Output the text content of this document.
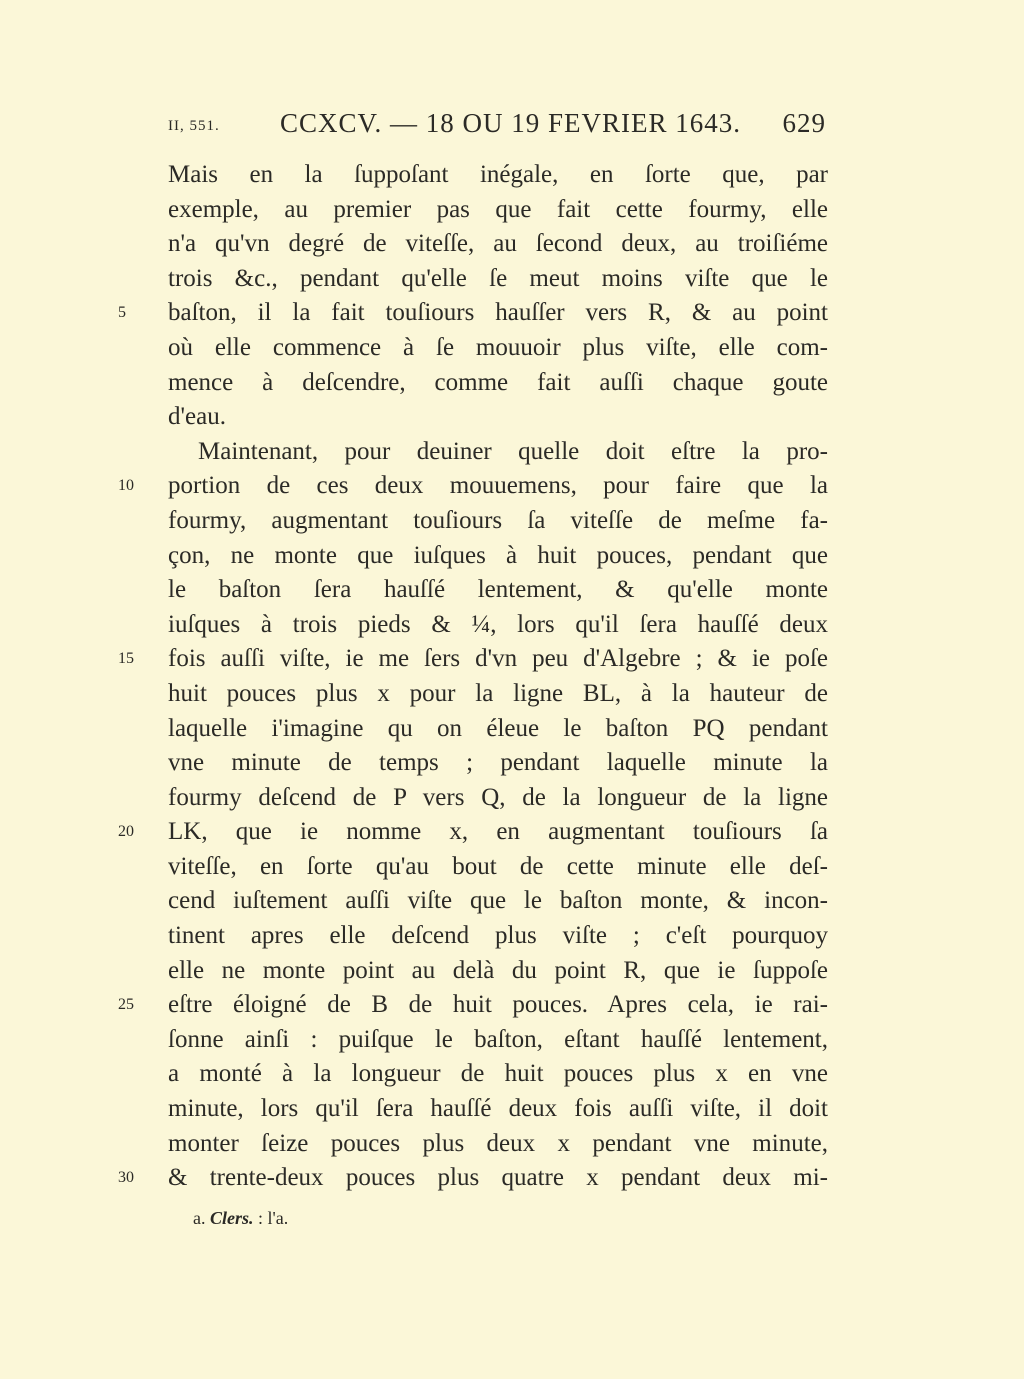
II, 551. CCXCV. — 18 OU 19 FEVRIER 1643. 629
Mais en la ſuppoſant inégale, en ſorte que, par
exemple, au premier pas que fait cette fourmy, elle
n'a qu'vn degré de viteſſe, au ſecond deux, au troiſiéme
trois &c., pendant qu'elle ſe meut moins viſte que le
baſton, il la fait touſiours hauſſer vers R, & au point
5
où elle commence à ſe mouuoir plus viſte, elle com-
mence à deſcendre, comme fait auſſi chaque goute
d'eau.
Maintenant, pour deuiner quelle doit eſtre la pro-
portion de ces deux mouuemens, pour faire que la
10
fourmy, augmentant touſiours ſa viteſſe de meſme fa-
çon, ne monte que iuſques à huit pouces, pendant que
le baſton ſera hauſſé lentement, & qu'elle monte
iuſques à trois pieds & ¼, lors qu'il ſera hauſſé deux
fois auſſi viſte, ie me ſers d'vn peu d'Algebre ; & ie poſe
15
huit pouces plus x pour la ligne BL, à la hauteur de
laquelle i'imagine qu on éleue le baſton PQ pendant
vne minute de temps ; pendant laquelle minute la
fourmy deſcend de P vers Q, de la longueur de la ligne
LK, que ie nomme x, en augmentant touſiours ſa
20
viteſſe, en ſorte qu'au bout de cette minute elle deſ-
cend iuſtement auſſi viſte que le baſton monte, & incon-
tinent apres elle deſcend plus viſte ; c'eſt pourquoy
elle ne monte point au delà du point R, que ie ſuppoſe
eſtre éloigné de B de huit pouces. Apres cela, ie rai-
25
ſonne ainſi : puiſque le baſton, eſtant hauſſé lentement,
a monté à la longueur de huit pouces plus x en vne
minute, lors qu'il ſera hauſſé deux fois auſſi viſte, il doit
monter ſeize pouces plus deux x pendant vne minute,
& trente-deux pouces plus quatre x pendant deux mi-
30
a. Clers. : l'a.
